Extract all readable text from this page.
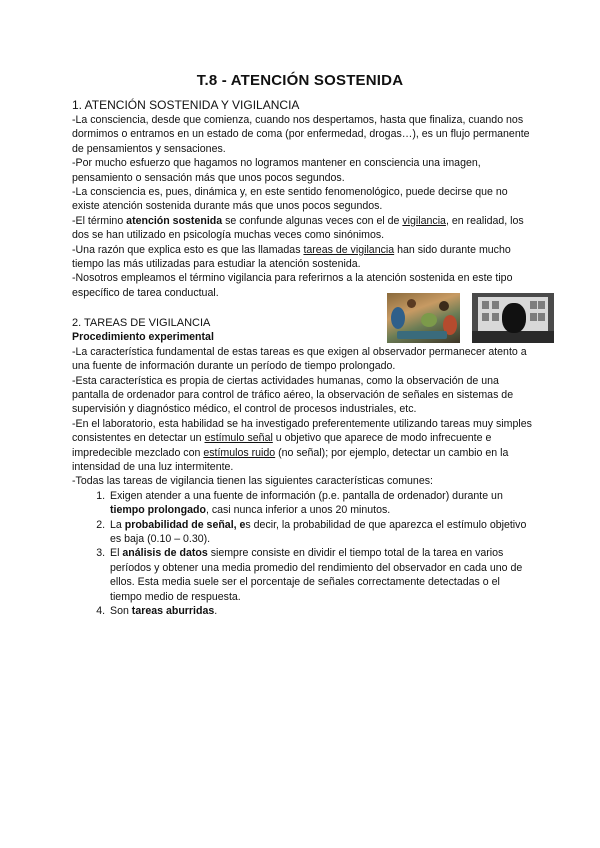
T.8 - ATENCIÓN SOSTENIDA
1. ATENCIÓN SOSTENIDA Y VIGILANCIA

-La consciencia, desde que comienza, cuando nos despertamos, hasta que finaliza, cuando nos dormimos o entramos en un estado de coma (por enfermedad, drogas…), es un flujo permanente de pensamientos y sensaciones.

-Por mucho esfuerzo que hagamos no logramos mantener en consciencia una imagen, pensamiento o sensación más que unos pocos segundos.

-La consciencia es, pues, dinámica y, en este sentido fenomenológico, puede decirse que no existe atención sostenida durante más que unos pocos segundos.

-El término atención sostenida se confunde algunas veces con el de vigilancia, en realidad, los dos se han utilizado en psicología muchas veces como sinónimos.

-Una razón que explica esto es que las llamadas tareas de vigilancia han sido durante mucho tiempo las más utilizadas para estudiar la atención sostenida.

-Nosotros empleamos el término vigilancia para referirnos a la atención sostenida en este tipo específico de tarea conductual.

2. TAREAS DE VIGILANCIA

Procedimiento experimental

-La característica fundamental de estas tareas es que exigen al observador permanecer atento a una fuente de información durante un período de tiempo prolongado.

-Esta característica es propia de ciertas actividades humanas, como la observación de una pantalla de ordenador para control de tráfico aéreo, la observación de señales en sistemas de supervisión y diagnóstico médico, el control de procesos industriales, etc.

-En el laboratorio, esta habilidad se ha investigado preferentemente utilizando tareas muy simples consistentes en detectar un estímulo señal u objetivo que aparece de modo infrecuente e impredecible mezclado con estímulos ruido (no señal); por ejemplo, detectar un cambio en la intensidad de una luz intermitente.

-Todas las tareas de vigilancia tienen las siguientes características comunes:

1. Exigen atender a una fuente de información (p.e. pantalla de ordenador) durante un tiempo prolongado, casi nunca inferior a unos 20 minutos.
2. La probabilidad de señal, es decir, la probabilidad de que aparezca el estímulo objetivo es baja (0.10 – 0.30).
3. El análisis de datos siempre consiste en dividir el tiempo total de la tarea en varios períodos y obtener una media promedio del rendimiento del observador en cada uno de ellos. Esta media suele ser el porcentaje de señales correctamente detectadas o el tiempo medio de respuesta.
4. Son tareas aburridas.
